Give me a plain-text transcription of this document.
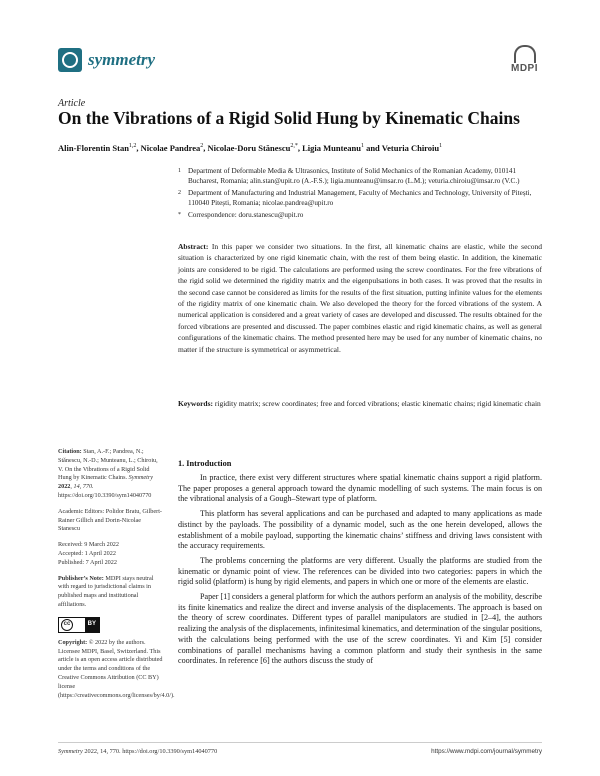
symmetry	MDPI
Article
On the Vibrations of a Rigid Solid Hung by Kinematic Chains
Alin-Florentin Stan$^{1,2}$, Nicolae Pandrea$^2$, Nicolae-Doru Stănescu$^{2,*}$, Ligia Munteanu$^1$ and Veturia Chiroiu$^1$
1 Department of Deformable Media & Ultrasonics, Institute of Solid Mechanics of the Romanian Academy, 010141 Bucharest, Romania; alin.stan@upit.ro (A.-F.S.); ligia.munteanu@imsar.ro (L.M.); veturia.chiroiu@imsar.ro (V.C.)
2 Department of Manufacturing and Industrial Management, Faculty of Mechanics and Technology, University of Pitești, 110040 Pitești, Romania; nicolae.pandrea@upit.ro
* Correspondence: doru.stanescu@upit.ro
Abstract: In this paper we consider two situations. In the first, all kinematic chains are elastic, while the second situation is characterized by one rigid kinematic chain, with the rest of them being elastic. In addition, the kinematic joints are considered to be rigid. The calculations are performed using the screw coordinates. For the free vibrations of the rigid solid we determined the rigidity matrix and the eigenpulsations in both cases. It was proved that the results in the second case cannot be considered as limits for the results of the first situation, putting infinite values for the elements of the rigidity matrix of one kinematic chain. We also developed the theory for the forced vibrations of the system. A numerical application is considered and a great variety of cases are developed and discussed. The results obtained for the forced vibrations are presented and discussed. The paper combines elastic and rigid kinematic chains, as well as general configurations of the kinematic chains. The method presented here may be used for any number of kinematic chains, no matter if the structure is symmetrical or asymmetrical.
Keywords: rigidity matrix; screw coordinates; free and forced vibrations; elastic kinematic chains; rigid kinematic chain
Citation: Stan, A.-F.; Pandrea, N.; Stănescu, N.-D.; Munteanu, L.; Chiroiu, V. On the Vibrations of a Rigid Solid Hung by Kinematic Chains. Symmetry 2022, 14, 770. https://doi.org/10.3390/sym14040770
Academic Editors: Polidor Bratu, Gilbert-Rainer Gillich and Dorin-Nicolae Stanescu
Received: 9 March 2022
Accepted: 1 April 2022
Published: 7 April 2022
Publisher’s Note: MDPI stays neutral with regard to jurisdictional claims in published maps and institutional affiliations.
cc	BY
Copyright: © 2022 by the authors. Licensee MDPI, Basel, Switzerland. This article is an open access article distributed under the terms and conditions of the Creative Commons Attribution (CC BY) license (https://creativecommons.org/licenses/by/4.0/).
1. Introduction

In practice, there exist very different structures where spatial kinematic chains support a rigid platform. The paper proposes a general approach toward the dynamic modelling of such systems. The main focus is on the vibrational analysis of a Gough–Stewart type of platform.

This platform has several applications and can be purchased and adapted to many applications as made distinct by the payloads. The possibility of a dynamic model, such as the one herein developed, allows the establishment of a mobile payload, supporting the kinematic chains’ stiffness and driving laws consistent with the accuracy requirements.

The problems concerning the platforms are very different. Usually the platforms are studied from the kinematic or dynamic point of view. The references can be divided into two categories: papers in which the rigid solid (platform) is hung by rigid elements, and papers in which one or more of the elements are elastic.

Paper [1] considers a general platform for which the authors perform an analysis of the mobility, describe its finite kinematics and realize the direct and inverse analysis of the displacements. The approach is based on the theory of screw coordinates. Different types of parallel manipulators are studied in [2–4], the authors realizing the analysis of the displacements, infinitesimal kinematics, and determination of the singular positions, with the calculations being performed with the use of the screw coordinates. Yi and Kim [5] consider combinations of parallel mechanisms having a common platform and study their synthesis in the same coordinates. In reference [6] the authors discuss the study of

Symmetry 2022, 14, 770. https://doi.org/10.3390/sym14040770	https://www.mdpi.com/journal/symmetry
